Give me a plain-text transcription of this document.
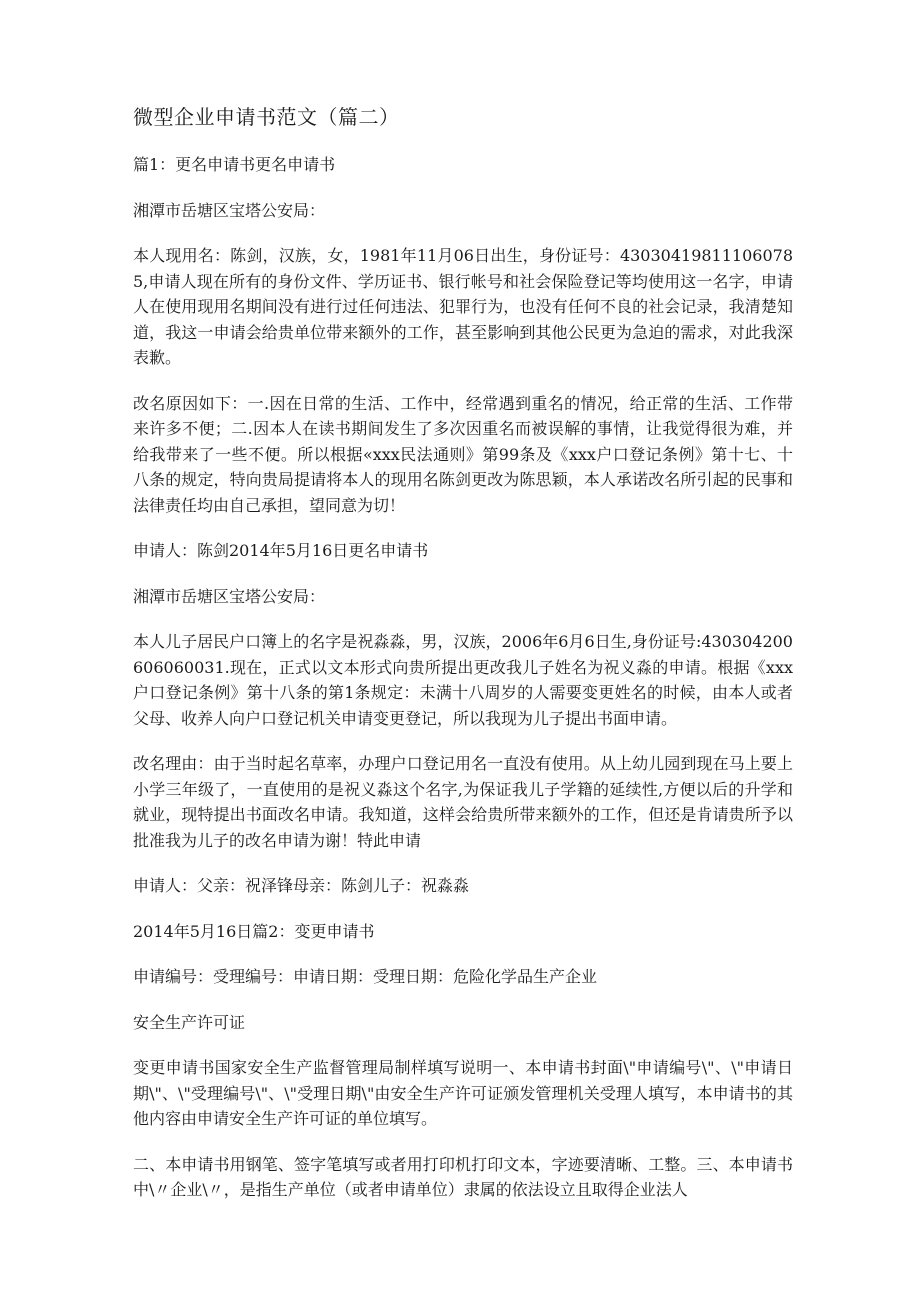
微型企业申请书范文（篇二）

篇1：更名申请书更名申请书

湘潭市岳塘区宝塔公安局：

本人现用名：陈剑，汉族，女，1981年11月06日出生，身份证号：430304198111060785,申请人现在所有的身份文件、学历证书、银行帐号和社会保险登记等均使用这一名字，申请人在使用现用名期间没有进行过任何违法、犯罪行为，也没有任何不良的社会记录，我清楚知道，我这一申请会给贵单位带来额外的工作，甚至影响到其他公民更为急迫的需求，对此我深表歉。

改名原因如下：一.因在日常的生活、工作中，经常遇到重名的情况，给正常的生活、工作带来许多不便；二.因本人在读书期间发生了多次因重名而被误解的事情，让我觉得很为难，并给我带来了一些不便。所以根据«xxx民法通则》第99条及《xxx户口登记条例》第十七、十八条的规定，特向贵局提请将本人的现用名陈剑更改为陈思颖，本人承诺改名所引起的民事和法律责任均由自己承担，望同意为切！

申请人：陈剑2014年5月16日更名申请书

湘潭市岳塘区宝塔公安局：

本人儿子居民户口簿上的名字是祝淼淼，男，汉族，2006年6月6日生,身份证号:430304200606060031.现在，正式以文本形式向贵所提出更改我儿子姓名为祝义淼的申请。根据《xxx户口登记条例》第十八条的第1条规定：未满十八周岁的人需要变更姓名的时候，由本人或者父母、收养人向户口登记机关申请变更登记，所以我现为儿子提出书面申请。

改名理由：由于当时起名草率，办理户口登记用名一直没有使用。从上幼儿园到现在马上要上小学三年级了，一直使用的是祝义淼这个名字,为保证我儿子学籍的延续性,方便以后的升学和就业，现特提出书面改名申请。我知道，这样会给贵所带来额外的工作，但还是肯请贵所予以批准我为儿子的改名申请为谢！特此申请

申请人：父亲：祝泽锋母亲：陈剑儿子：祝淼淼

2014年5月16日篇2：变更申请书

申请编号：受理编号：申请日期：受理日期：危险化学品生产企业

安全生产许可证

变更申请书国家安全生产监督管理局制样填写说明一、本申请书封面\"申请编号\"、\"申请日期\"、\"受理编号\"、\"受理日期\"由安全生产许可证颁发管理机关受理人填写，本申请书的其他内容由申请安全生产许可证的单位填写。

二、本申请书用钢笔、签字笔填写或者用打印机打印文本，字迹要清晰、工整。三、本申请书中\〃企业\〃，是指生产单位（或者申请单位）隶属的依法设立且取得企业法人
